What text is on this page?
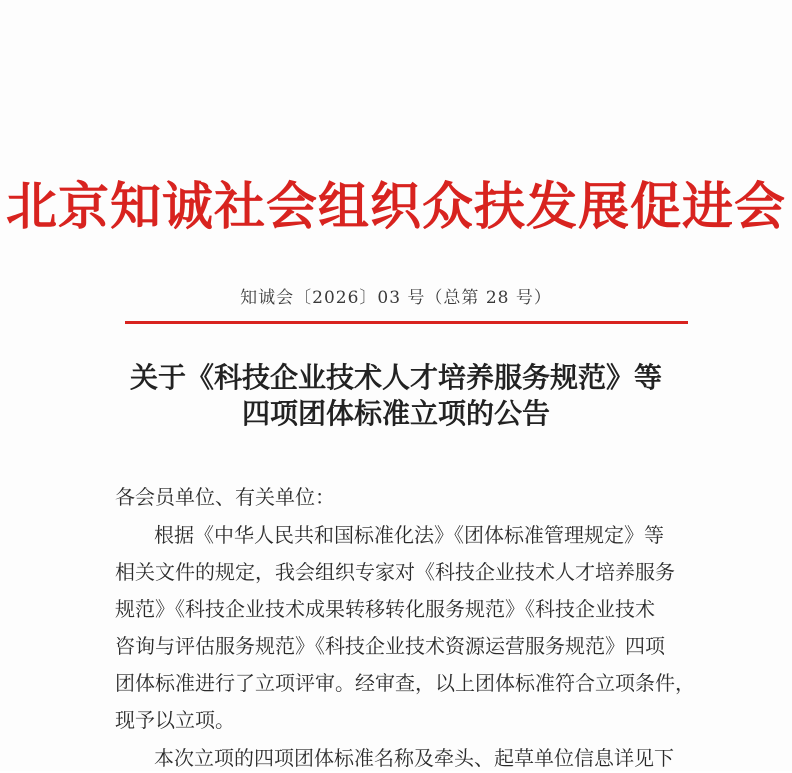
北京知诚社会组织众扶发展促进会
知诚会〔2026〕03 号（总第 28 号）
关于《科技企业技术人才培养服务规范》等
四项团体标准立项的公告
各会员单位、有关单位：
根据《中华人民共和国标准化法》《团体标准管理规定》等
相关文件的规定，我会组织专家对《科技企业技术人才培养服务
规范》《科技企业技术成果转移转化服务规范》《科技企业技术
咨询与评估服务规范》《科技企业技术资源运营服务规范》四项
团体标准进行了立项评审。经审查，以上团体标准符合立项条件，
现予以立项。
本次立项的四项团体标准名称及牵头、起草单位信息详见下
